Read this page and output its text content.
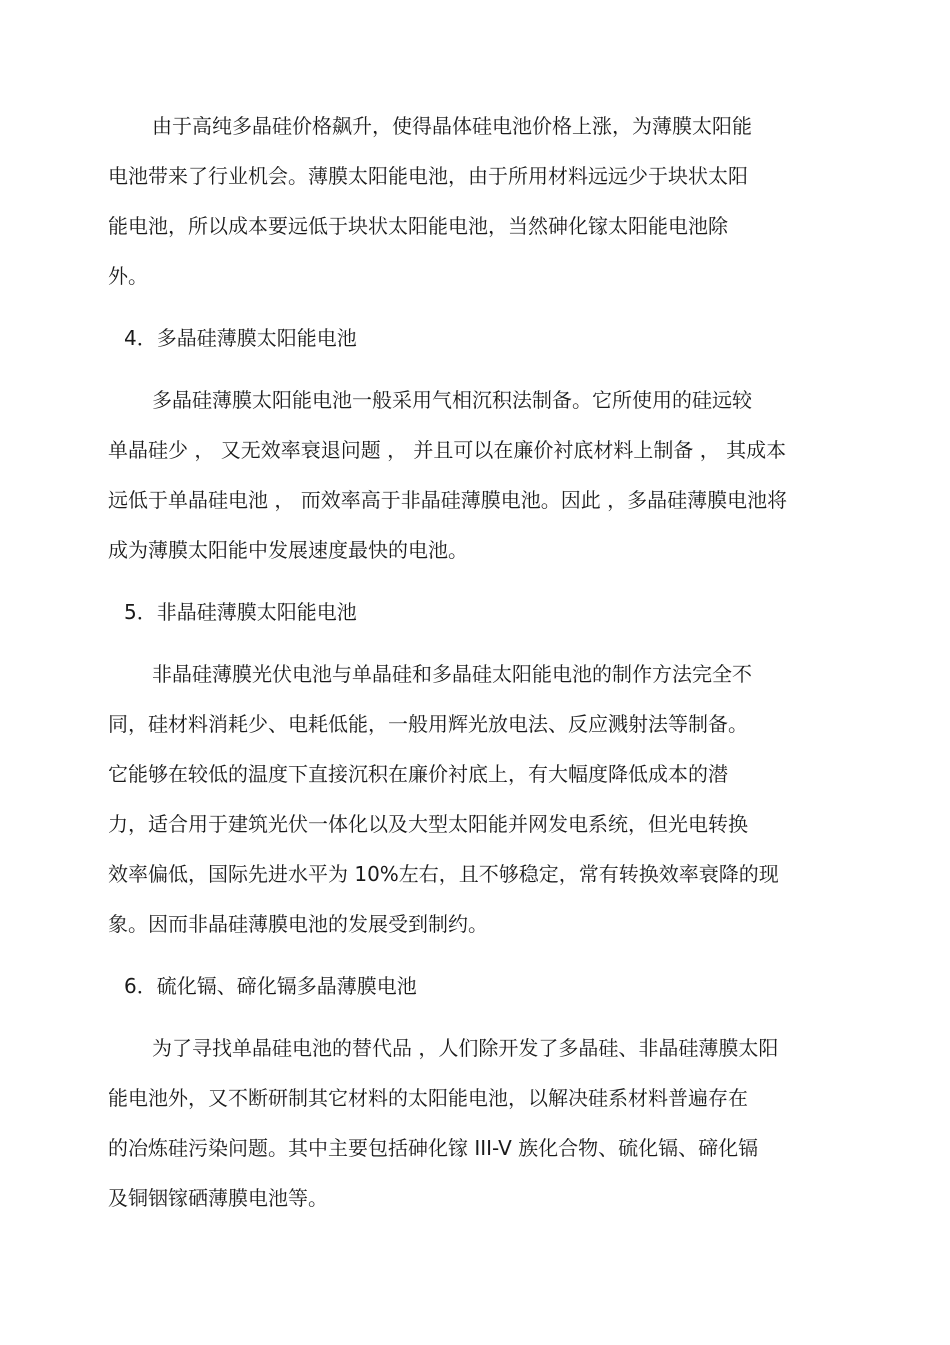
由于高纯多晶硅价格飙升，使得晶体硅电池价格上涨，为薄膜太阳能
电池带来了行业机会。薄膜太阳能电池，由于所用材料远远少于块状太阳
能电池，所以成本要远低于块状太阳能电池，当然砷化镓太阳能电池除
外。
4．多晶硅薄膜太阳能电池
多晶硅薄膜太阳能电池一般采用气相沉积法制备。它所使用的硅远较
单晶硅少 ， 又无效率衰退问题 ， 并且可以在廉价衬底材料上制备 ， 其成本
远低于单晶硅电池 ， 而效率高于非晶硅薄膜电池。因此 ，多晶硅薄膜电池将
成为薄膜太阳能中发展速度最快的电池。
5．非晶硅薄膜太阳能电池
非晶硅薄膜光伏电池与单晶硅和多晶硅太阳能电池的制作方法完全不
同，硅材料消耗少、电耗低能，一般用辉光放电法、反应溅射法等制备。
它能够在较低的温度下直接沉积在廉价衬底上，有大幅度降低成本的潜
力，适合用于建筑光伏一体化以及大型太阳能并网发电系统，但光电转换
效率偏低，国际先进水平为 10%左右，且不够稳定，常有转换效率衰降的现
象。因而非晶硅薄膜电池的发展受到制约。
6．硫化镉、碲化镉多晶薄膜电池
为了寻找单晶硅电池的替代品 ，人们除开发了多晶硅、非晶硅薄膜太阳
能电池外，又不断研制其它材料的太阳能电池，以解决硅系材料普遍存在
的冶炼硅污染问题。其中主要包括砷化镓 III-V 族化合物、硫化镉、碲化镉
及铜铟镓硒薄膜电池等。
